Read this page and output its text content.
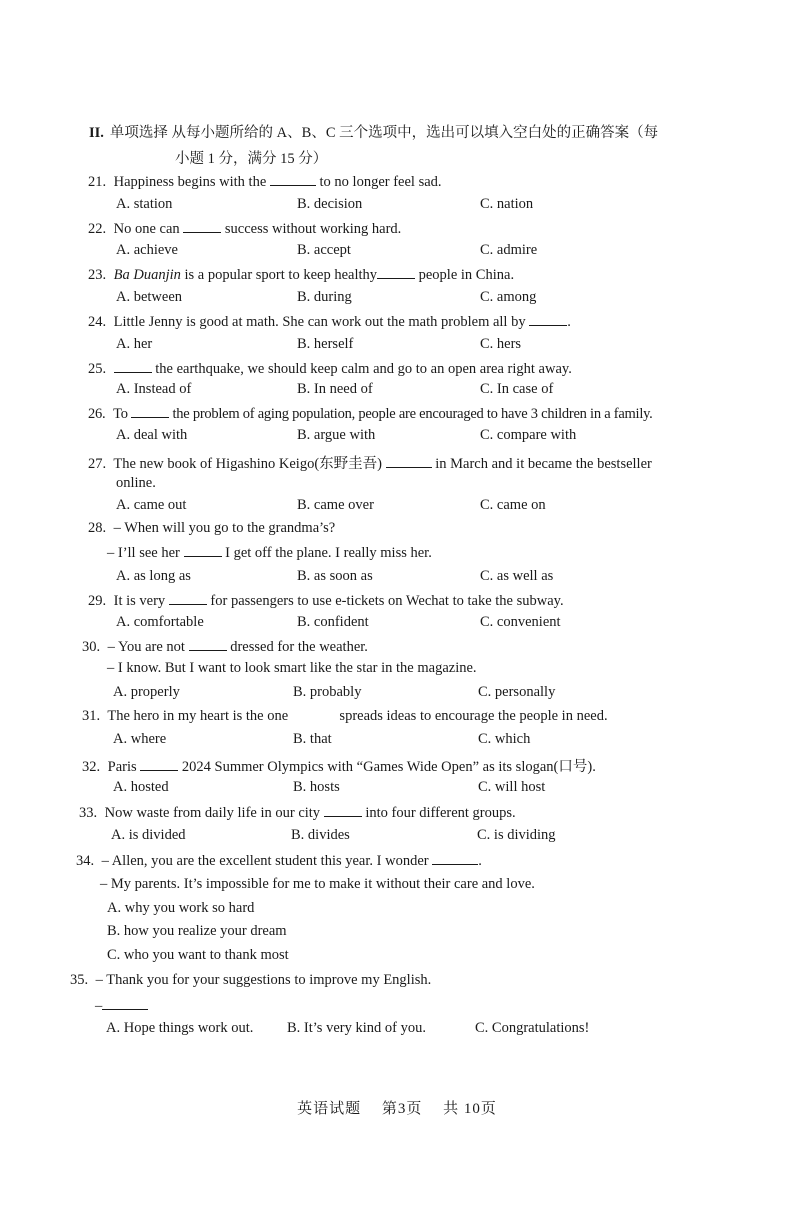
II. 单项选择 从每小题所给的 A、B、C 三个选项中，选出可以填入空白处的正确答案（每
小题 1 分，满分 15 分）
21. Happiness begins with the	to no longer feel sad.
A. station	B. decision	C. nation
22. No one can	success without working hard.
A. achieve	B. accept	C. admire
23. Ba Duanjin is a popular sport to keep healthy	people in China.
A. between	B. during	C. among
24. Little Jenny is good at math. She can work out the math problem all by	.
A. her	B. herself	C. hers
25.	the earthquake, we should keep calm and go to an open area right away.
A. Instead of	B. In need of	C. In case of
26. To	the problem of aging population, people are encouraged to have 3 children in a family.
A. deal with	B. argue with	C. compare with
27. The new book of Higashino Keigo(东野圭吾)	in March and it became the bestseller
online.
A. came out	B. came over	C. came on
28. – When will you go to the grandma’s?
– I’ll see her	I get off the plane. I really miss her.
A. as long as	B. as soon as	C. as well as
29. It is very	for passengers to use e-tickets on Wechat to take the subway.
A. comfortable	B. confident	C. convenient
30. – You are not	dressed for the weather.
– I know. But I want to look smart like the star in the magazine.
A. properly	B. probably	C. personally
31. The hero in my heart is the one	spreads ideas to encourage the people in need.
A. where	B. that	C. which
32. Paris	2024 Summer Olympics with “Games Wide Open” as its slogan(口号).
A. hosted	B. hosts	C. will host
33. Now waste from daily life in our city	into four different groups.
A. is divided	B. divides	C. is dividing
34. – Allen, you are the excellent student this year. I wonder	.
– My parents. It’s impossible for me to make it without their care and love.
A. why you work so hard
B. how you realize your dream
C. who you want to thank most
35. – Thank you for your suggestions to improve my English.
–
A. Hope things work out. B. It’s very kind of you.	C. Congratulations!
英语试题 第3页 共 10页
